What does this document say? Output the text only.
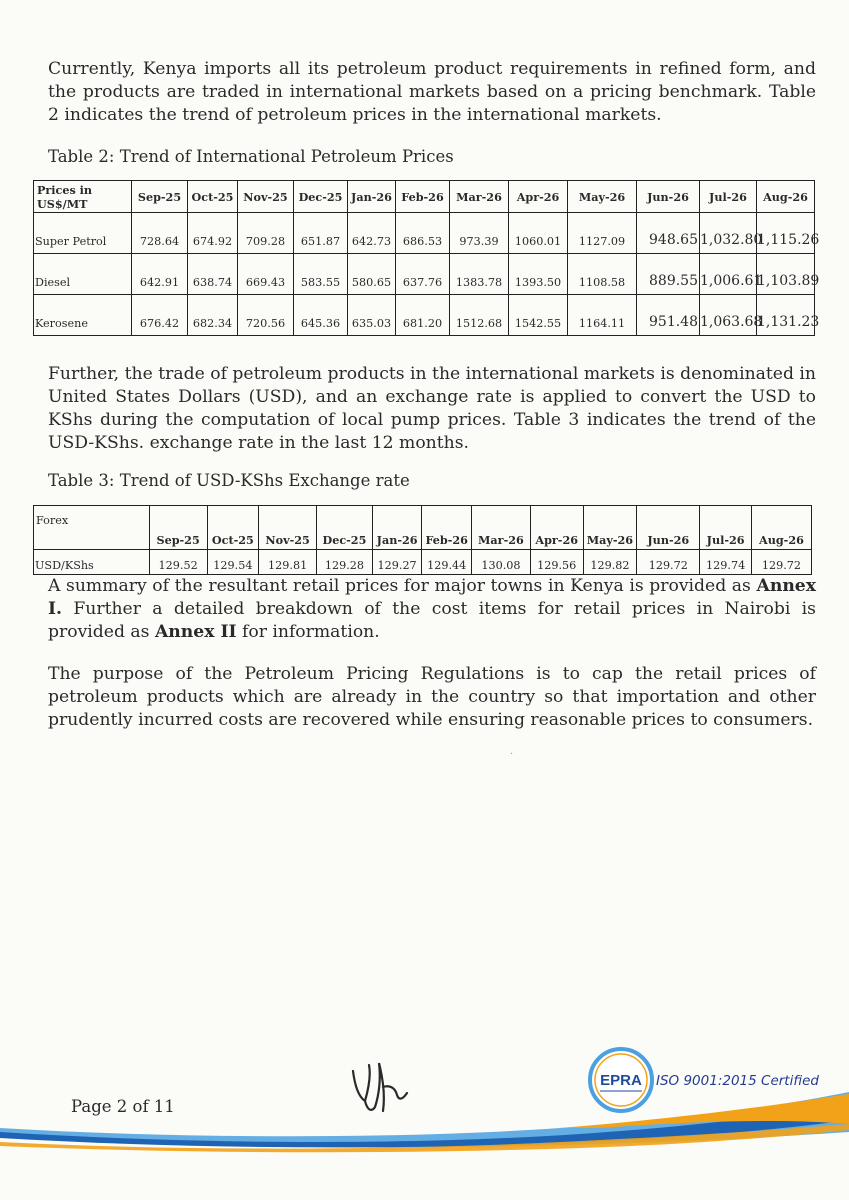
Currently, Kenya imports all its petroleum product requirements in refined form, and the products are traded in international markets based on a pricing benchmark. Table 2 indicates the trend of petroleum prices in the international markets.

Table 2: Trend of International Petroleum Prices

Prices in US$/MT	Sep-25	Oct-25	Nov-25	Dec-25	Jan-26	Feb-26	Mar-26	Apr-26	May-26	Jun-26	Jul-26	Aug-26
Super Petrol	728.64	674.92	709.28	651.87	642.73	686.53	973.39	1060.01	1127.09	948.65	1,032.80	1,115.26
Diesel	642.91	638.74	669.43	583.55	580.65	637.76	1383.78	1393.50	1108.58	889.55	1,006.61	1,103.89
Kerosene	676.42	682.34	720.56	645.36	635.03	681.20	1512.68	1542.55	1164.11	951.48	1,063.68	1,131.23

Further, the trade of petroleum products in the international markets is denominated in United States Dollars (USD), and an exchange rate is applied to convert the USD to KShs during the computation of local pump prices. Table 3 indicates the trend of the USD-KShs. exchange rate in the last 12 months.

Table 3: Trend of USD-KShs Exchange rate

Forex	Sep-25	Oct-25	Nov-25	Dec-25	Jan-26	Feb-26	Mar-26	Apr-26	May-26	Jun-26	Jul-26	Aug-26
USD/KShs	129.52	129.54	129.81	129.28	129.27	129.44	130.08	129.56	129.82	129.72	129.74	129.72

A summary of the resultant retail prices for major towns in Kenya is provided as Annex I. Further a detailed breakdown of the cost items for retail prices in Nairobi is provided as Annex II for information.

The purpose of the Petroleum Pricing Regulations is to cap the retail prices of petroleum products which are already in the country so that importation and other prudently incurred costs are recovered while ensuring reasonable prices to consumers.

·
Page 2 of 11
EPRA ISO 9001:2015 Certified
